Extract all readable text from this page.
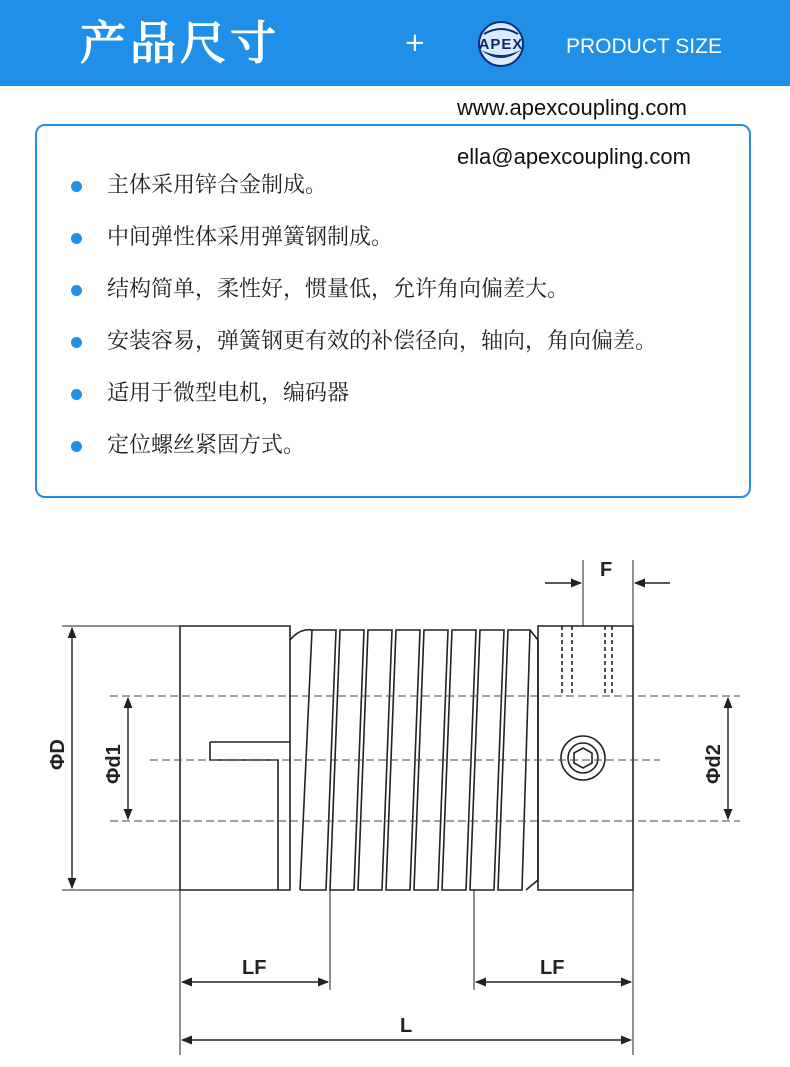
产品尺寸	+	APEX	PRODUCT SIZE
主体采用锌合金制成。
中间弹性体采用弹簧钢制成。
结构简单，柔性好，惯量低，允许角向偏差大。
安装容易，弹簧钢更有效的补偿径向，轴向，角向偏差。
适用于微型电机，编码器
定位螺丝紧固方式。
www.apexcoupling.com
ella@apexcoupling.com
F
ΦD Φd1	Φd2
LF	LF
L
